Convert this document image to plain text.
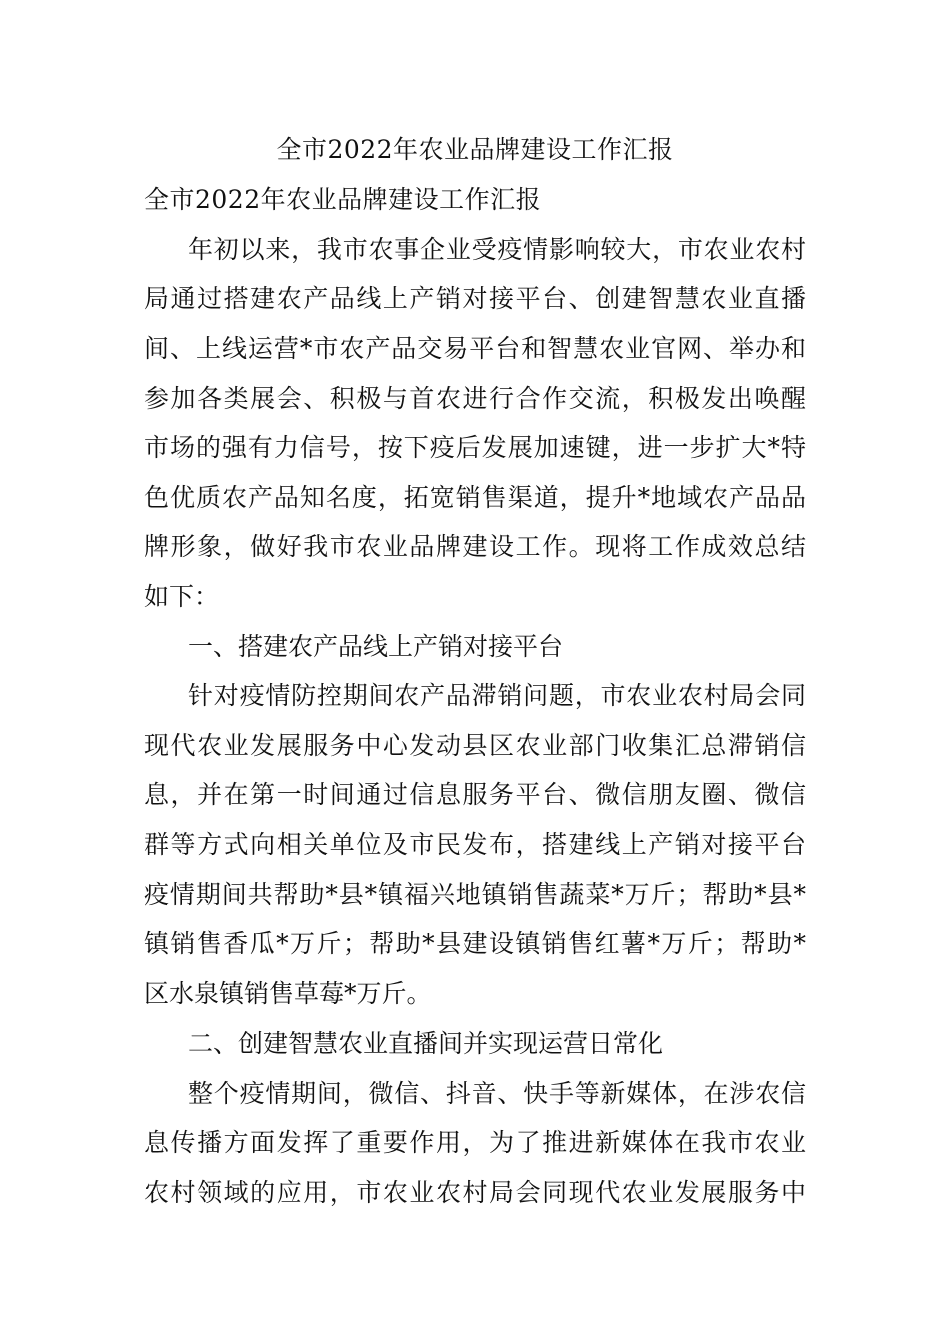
全市2022年农业品牌建设工作汇报

全市2022年农业品牌建设工作汇报

年初以来，我市农事企业受疫情影响较大，市农业农村

局通过搭建农产品线上产销对接平台、创建智慧农业直播

间、上线运营*市农产品交易平台和智慧农业官网、举办和

参加各类展会、积极与首农进行合作交流，积极发出唤醒

市场的强有力信号，按下疫后发展加速键，进一步扩大*特

色优质农产品知名度，拓宽销售渠道，提升*地域农产品品

牌形象，做好我市农业品牌建设工作。现将工作成效总结

如下：

一、搭建农产品线上产销对接平台

针对疫情防控期间农产品滞销问题，市农业农村局会同

现代农业发展服务中心发动县区农业部门收集汇总滞销信

息，并在第一时间通过信息服务平台、微信朋友圈、微信

群等方式向相关单位及市民发布，搭建线上产销对接平台

疫情期间共帮助*县*镇福兴地镇销售蔬菜*万斤；帮助*县*

镇销售香瓜*万斤；帮助*县建设镇销售红薯*万斤；帮助*

区水泉镇销售草莓*万斤。

二、创建智慧农业直播间并实现运营日常化

整个疫情期间，微信、抖音、快手等新媒体，在涉农信

息传播方面发挥了重要作用，为了推进新媒体在我市农业

农村领域的应用，市农业农村局会同现代农业发展服务中
